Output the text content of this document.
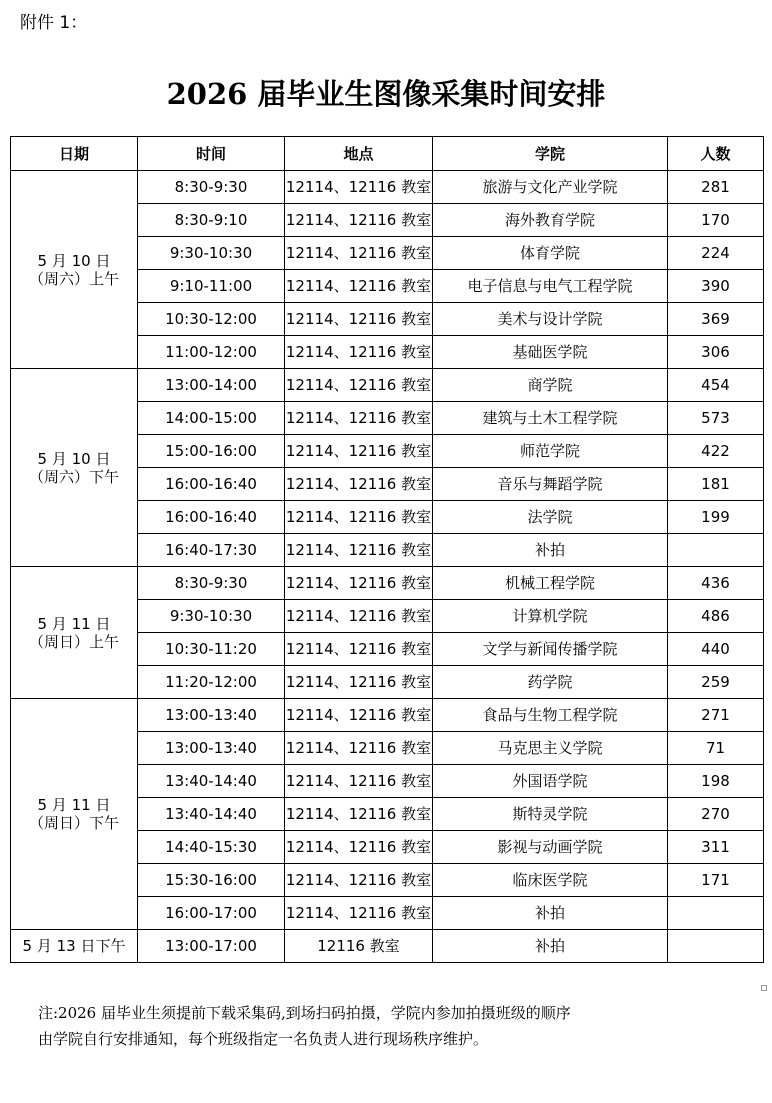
附件 1：
2026 届毕业生图像采集时间安排
日期	时间	地点	学院	人数

5 月 10 日
（周六）上午	8:30-9:30	12114、12116 教室	旅游与文化产业学院	281
	8:30-9:10	12114、12116 教室	海外教育学院	170
	9:30-10:30	12114、12116 教室	体育学院	224
	9:10-11:00	12114、12116 教室	电子信息与电气工程学院	390
	10:30-12:00	12114、12116 教室	美术与设计学院	369
	11:00-12:00	12114、12116 教室	基础医学院	306

5 月 10 日
（周六）下午	13:00-14:00	12114、12116 教室	商学院	454
	14:00-15:00	12114、12116 教室	建筑与土木工程学院	573
	15:00-16:00	12114、12116 教室	师范学院	422
	16:00-16:40	12114、12116 教室	音乐与舞蹈学院	181
	16:00-16:40	12114、12116 教室	法学院	199
	16:40-17:30	12114、12116 教室	补拍	

5 月 11 日
（周日）上午	8:30-9:30	12114、12116 教室	机械工程学院	436
	9:30-10:30	12114、12116 教室	计算机学院	486
	10:30-11:20	12114、12116 教室	文学与新闻传播学院	440
	11:20-12:00	12114、12116 教室	药学院	259

5 月 11 日
（周日）下午	13:00-13:40	12114、12116 教室	食品与生物工程学院	271
	13:00-13:40	12114、12116 教室	马克思主义学院	71
	13:40-14:40	12114、12116 教室	外国语学院	198
	13:40-14:40	12114、12116 教室	斯特灵学院	270
	14:40-15:30	12114、12116 教室	影视与动画学院	311
	15:30-16:00	12114、12116 教室	临床医学院	171
	16:00-17:00	12114、12116 教室	补拍	

5 月 13 日下午	13:00-17:00	12116 教室	补拍	
注:2026 届毕业生须提前下载采集码,到场扫码拍摄，学院内参加拍摄班级的顺序
由学院自行安排通知，每个班级指定一名负责人进行现场秩序维护。
